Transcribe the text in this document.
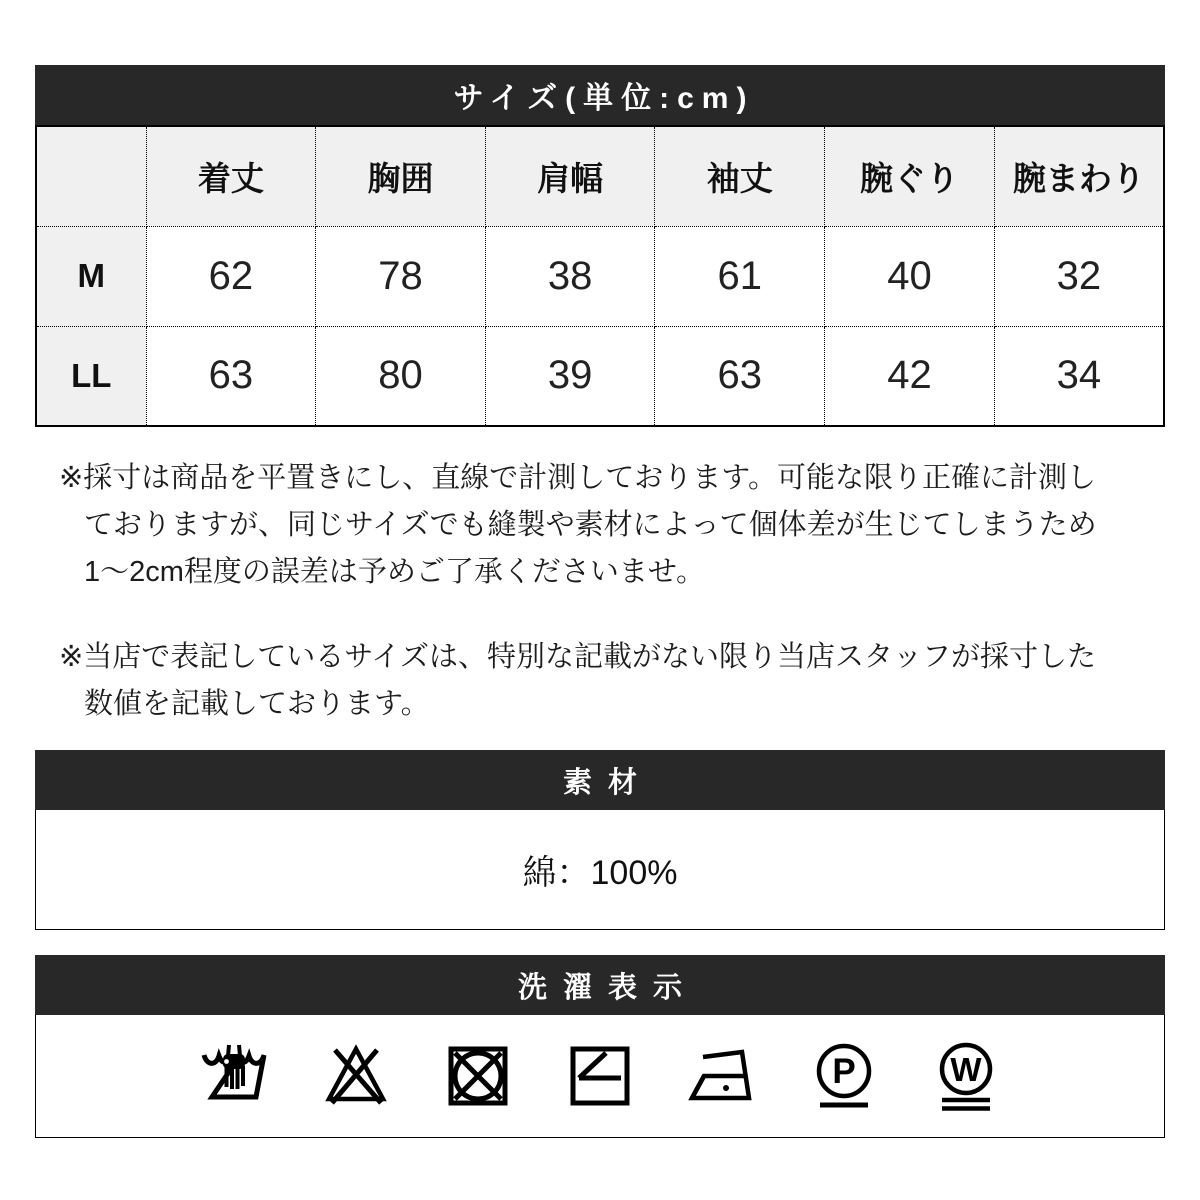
サイズ(単位:cm)
	着丈	胸囲	肩幅	袖丈	腕ぐり	腕まわり
M	62	78	38	61	40	32
LL	63	80	39	63	42	34
※採寸は商品を平置きにし、直線で計測しております。可能な限り正確に計測し
ておりますが、同じサイズでも縫製や素材によって個体差が生じてしまうため
1～2cm程度の誤差は予めご了承くださいませ。
※当店で表記しているサイズは、特別な記載がない限り当店スタッフが採寸した
数値を記載しております。
素材
綿：100%
洗濯表示
P	W
